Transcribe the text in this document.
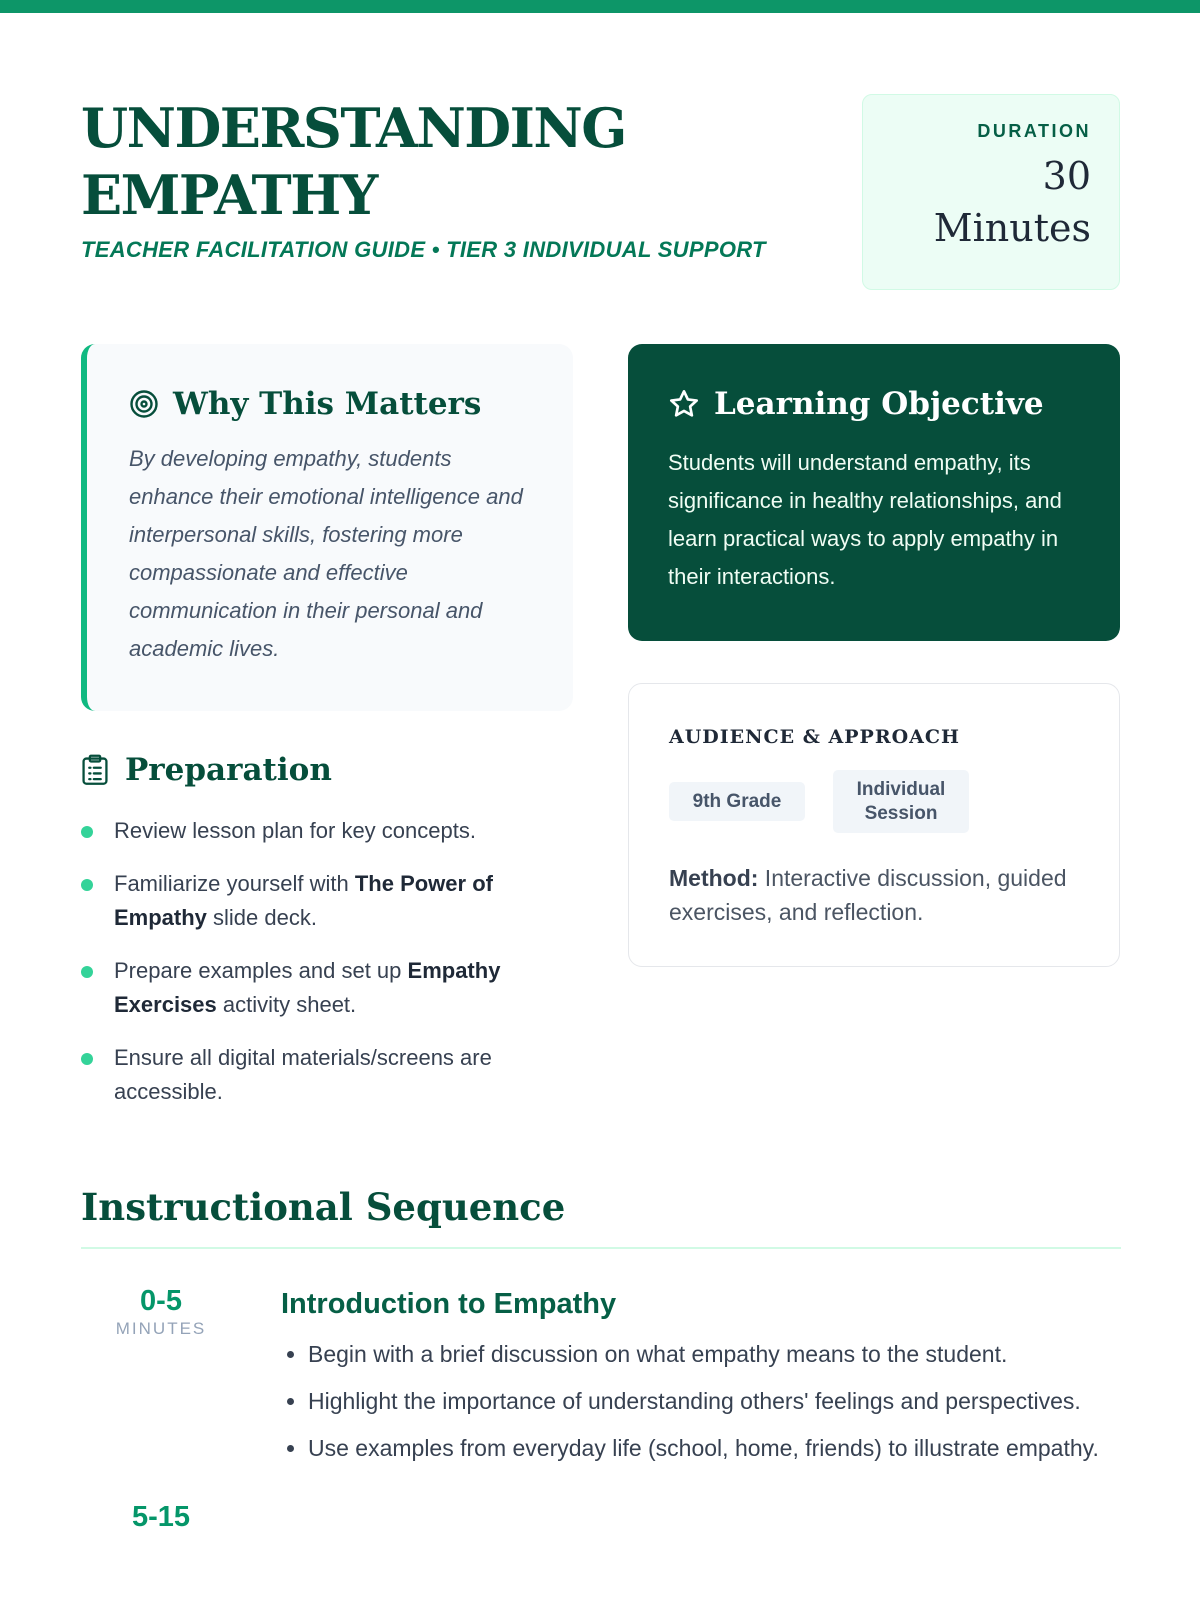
UNDERSTANDING
EMPATHY
TEACHER FACILITATION GUIDE • TIER 3 INDIVIDUAL SUPPORT
DURATION
30
Minutes
Why This Matters

By developing empathy, students enhance their emotional intelligence and interpersonal skills, fostering more compassionate and effective communication in their personal and academic lives.

Learning Objective

Students will understand empathy, its significance in healthy relationships, and learn practical ways to apply empathy in their interactions.

AUDIENCE & APPROACH
9th Grade
Individual
Session

Method: Interactive discussion, guided exercises, and reflection.

Preparation
Review lesson plan for key concepts.
Familiarize yourself with The Power of Empathy slide deck.
Prepare examples and set up Empathy Exercises activity sheet.
Ensure all digital materials/screens are accessible.
Instructional Sequence
0-5
MINUTES
Introduction to Empathy
• Begin with a brief discussion on what empathy means to the student.
• Highlight the importance of understanding others' feelings and perspectives.
• Use examples from everyday life (school, home, friends) to illustrate empathy.
5-15
